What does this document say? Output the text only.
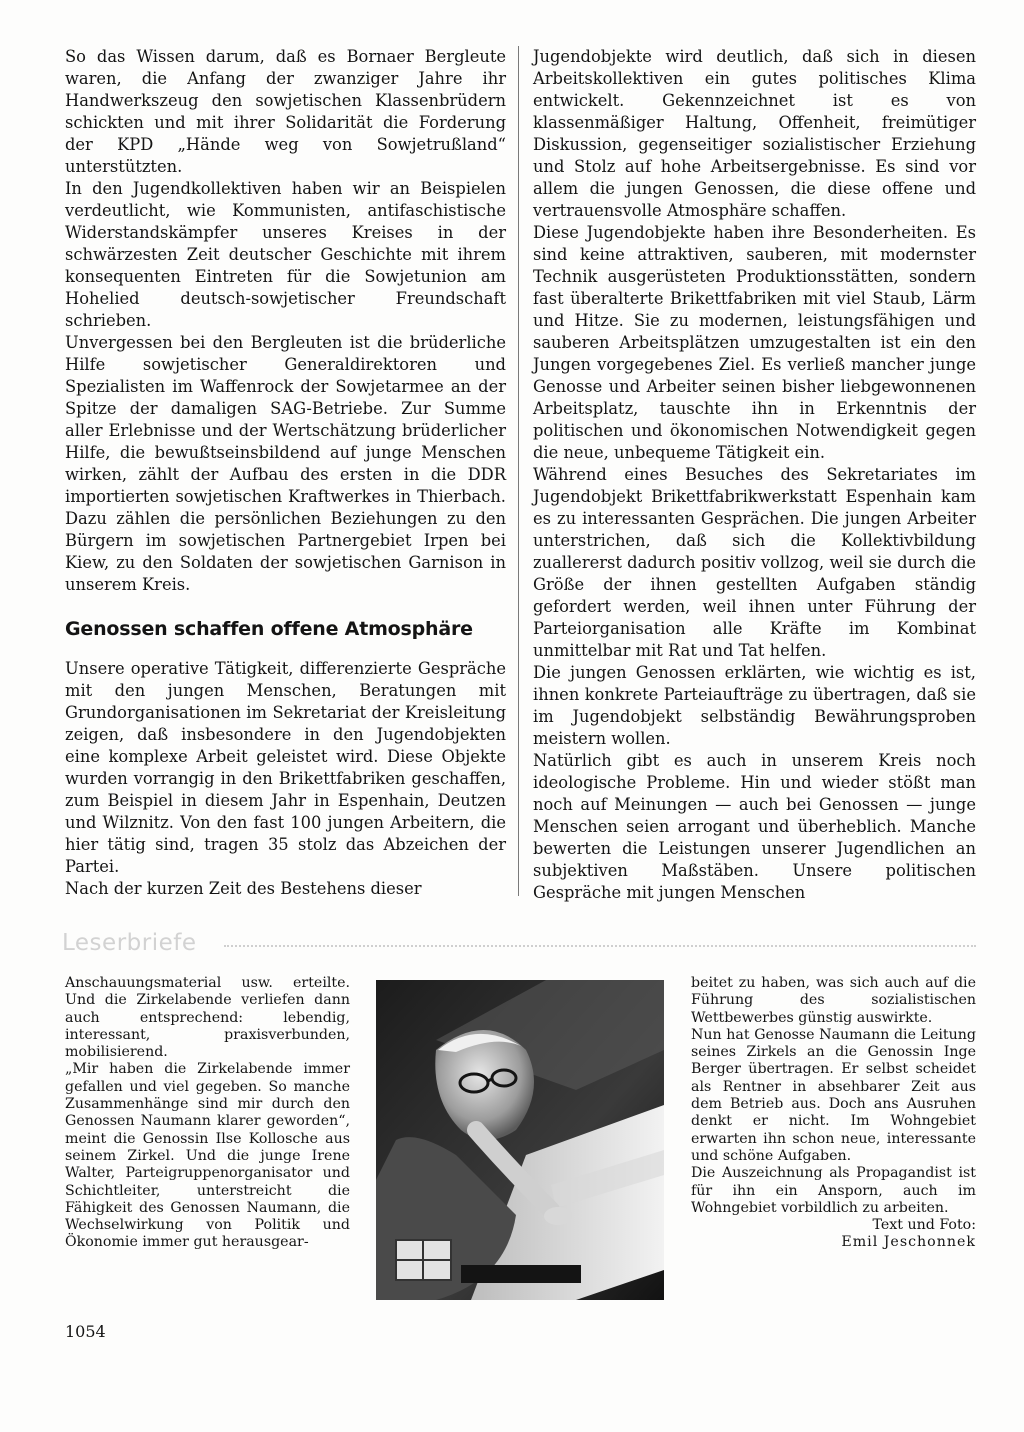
So das Wissen darum, daß es Bornaer Bergleute waren, die Anfang der zwanziger Jahre ihr Handwerkszeug den sowjetischen Klassenbrüdern schickten und mit ihrer Solidarität die Forderung der KPD „Hände weg von Sowjetrußland“ unterstützten.

In den Jugendkollektiven haben wir an Beispielen verdeutlicht, wie Kommunisten, antifaschistische Widerstandskämpfer unseres Kreises in der schwärzesten Zeit deutscher Geschichte mit ihrem konsequenten Eintreten für die Sowjetunion am Hohelied deutsch-sowjetischer Freundschaft schrieben.

Unvergessen bei den Bergleuten ist die brüderliche Hilfe sowjetischer Generaldirektoren und Spezialisten im Waffenrock der Sowjetarmee an der Spitze der damaligen SAG-Betriebe. Zur Summe aller Erlebnisse und der Wertschätzung brüderlicher Hilfe, die bewußtseinsbildend auf junge Menschen wirken, zählt der Aufbau des ersten in die DDR importierten sowjetischen Kraftwerkes in Thierbach. Dazu zählen die persönlichen Beziehungen zu den Bürgern im sowjetischen Partnergebiet Irpen bei Kiew, zu den Soldaten der sowjetischen Garnison in unserem Kreis.

Genossen schaffen offene Atmosphäre

Unsere operative Tätigkeit, differenzierte Gespräche mit den jungen Menschen, Beratungen mit Grundorganisationen im Sekretariat der Kreisleitung zeigen, daß insbesondere in den Jugendobjekten eine komplexe Arbeit geleistet wird. Diese Objekte wurden vorrangig in den Brikettfabriken geschaffen, zum Beispiel in diesem Jahr in Espenhain, Deutzen und Wilznitz. Von den fast 100 jungen Arbeitern, die hier tätig sind, tragen 35 stolz das Abzeichen der Partei.

Nach der kurzen Zeit des Bestehens dieser

Jugendobjekte wird deutlich, daß sich in diesen Arbeitskollektiven ein gutes politisches Klima entwickelt. Gekennzeichnet ist es von klassenmäßiger Haltung, Offenheit, freimütiger Diskussion, gegenseitiger sozialistischer Erziehung und Stolz auf hohe Arbeitsergebnisse. Es sind vor allem die jungen Genossen, die diese offene und vertrauensvolle Atmosphäre schaffen.

Diese Jugendobjekte haben ihre Besonderheiten. Es sind keine attraktiven, sauberen, mit modernster Technik ausgerüsteten Produktionsstätten, sondern fast überalterte Brikettfabriken mit viel Staub, Lärm und Hitze. Sie zu modernen, leistungsfähigen und sauberen Arbeitsplätzen umzugestalten ist ein den Jungen vorgegebenes Ziel. Es verließ mancher junge Genosse und Arbeiter seinen bisher liebgewonnenen Arbeitsplatz, tauschte ihn in Erkenntnis der politischen und ökonomischen Notwendigkeit gegen die neue, unbequeme Tätigkeit ein.

Während eines Besuches des Sekretariates im Jugendobjekt Brikettfabrikwerkstatt Espenhain kam es zu interessanten Gesprächen. Die jungen Arbeiter unterstrichen, daß sich die Kollektivbildung zuallererst dadurch positiv vollzog, weil sie durch die Größe der ihnen gestellten Aufgaben ständig gefordert werden, weil ihnen unter Führung der Parteiorganisation alle Kräfte im Kombinat unmittelbar mit Rat und Tat helfen.

Die jungen Genossen erklärten, wie wichtig es ist, ihnen konkrete Parteiaufträge zu übertragen, daß sie im Jugendobjekt selbständig Bewährungsproben meistern wollen.

Natürlich gibt es auch in unserem Kreis noch ideologische Probleme. Hin und wieder stößt man noch auf Meinungen — auch bei Genossen — junge Menschen seien arrogant und überheblich. Manche bewerten die Leistungen unserer Jugendlichen an subjektiven Maßstäben. Unsere politischen Gespräche mit jungen Menschen

Leserbriefe

Anschauungsmaterial usw. erteilte. Und die Zirkelabende verliefen dann auch entsprechend: lebendig, interessant, praxisverbunden, mobilisierend.

„Mir haben die Zirkelabende immer gefallen und viel gegeben. So manche Zusammenhänge sind mir durch den Genossen Naumann klarer geworden“, meint die Genossin Ilse Kollosche aus seinem Zirkel. Und die junge Irene Walter, Parteigruppenorganisator und Schichtleiter, unterstreicht die Fähigkeit des Genossen Naumann, die Wechselwirkung von Politik und Ökonomie immer gut herausgear-

beitet zu haben, was sich auch auf die Führung des sozialistischen Wettbewerbes günstig auswirkte.

Nun hat Genosse Naumann die Leitung seines Zirkels an die Genossin Inge Berger übertragen. Er selbst scheidet als Rentner in absehbarer Zeit aus dem Betrieb aus. Doch ans Ausruhen denkt er nicht. Im Wohngebiet erwarten ihn schon neue, interessante und schöne Aufgaben.

Die Auszeichnung als Propagandist ist für ihn ein Ansporn, auch im Wohngebiet vorbildlich zu arbeiten.

Text und Foto:

Emil Jeschonnek

1054
